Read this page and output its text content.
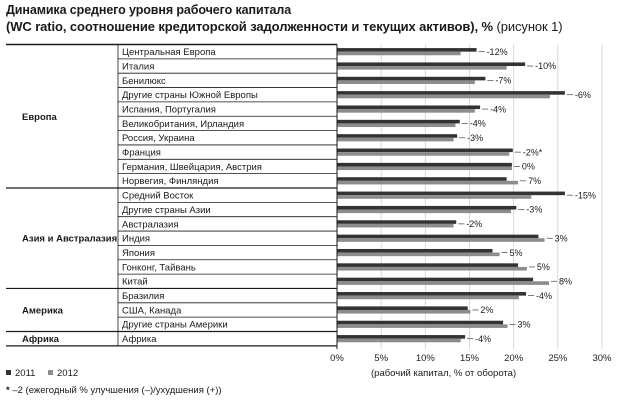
Динамика среднего уровня рабочего капитала
(WC ratio, соотношение кредиторской задолженности и текущих активов), % (рисунок 1)
0%	5%	10%	15%	20%	25%	30%
Центральная Европа	-12%
Италия	-10%
Бенилюкс	-7%
Другие страны Южной Европы	-6%
Испания, Португалия	-4%
Великобритания, Ирландия	-4%
Россия, Украина	-3%
Франция	-2%*
Германия, Швейцария, Австрия	0%
Норвегия, Финляндия	7%
Европа
Средний Восток	-15%
Другие страны Азии	-3%
Австралазия	-2%
Индия	3%
Япония	5%
Гонконг, Тайвань	5%
Китай	8%
Азия и Австралазия
Бразилия	-4%
США, Канада	2%
Другие страны Америки	3%
Америка
Африка	-4%
Африка
2011	2012	(рабочий капитал, % от оборота)
* –2 (ежегодный % улучшения (–)/ухудшения (+))
